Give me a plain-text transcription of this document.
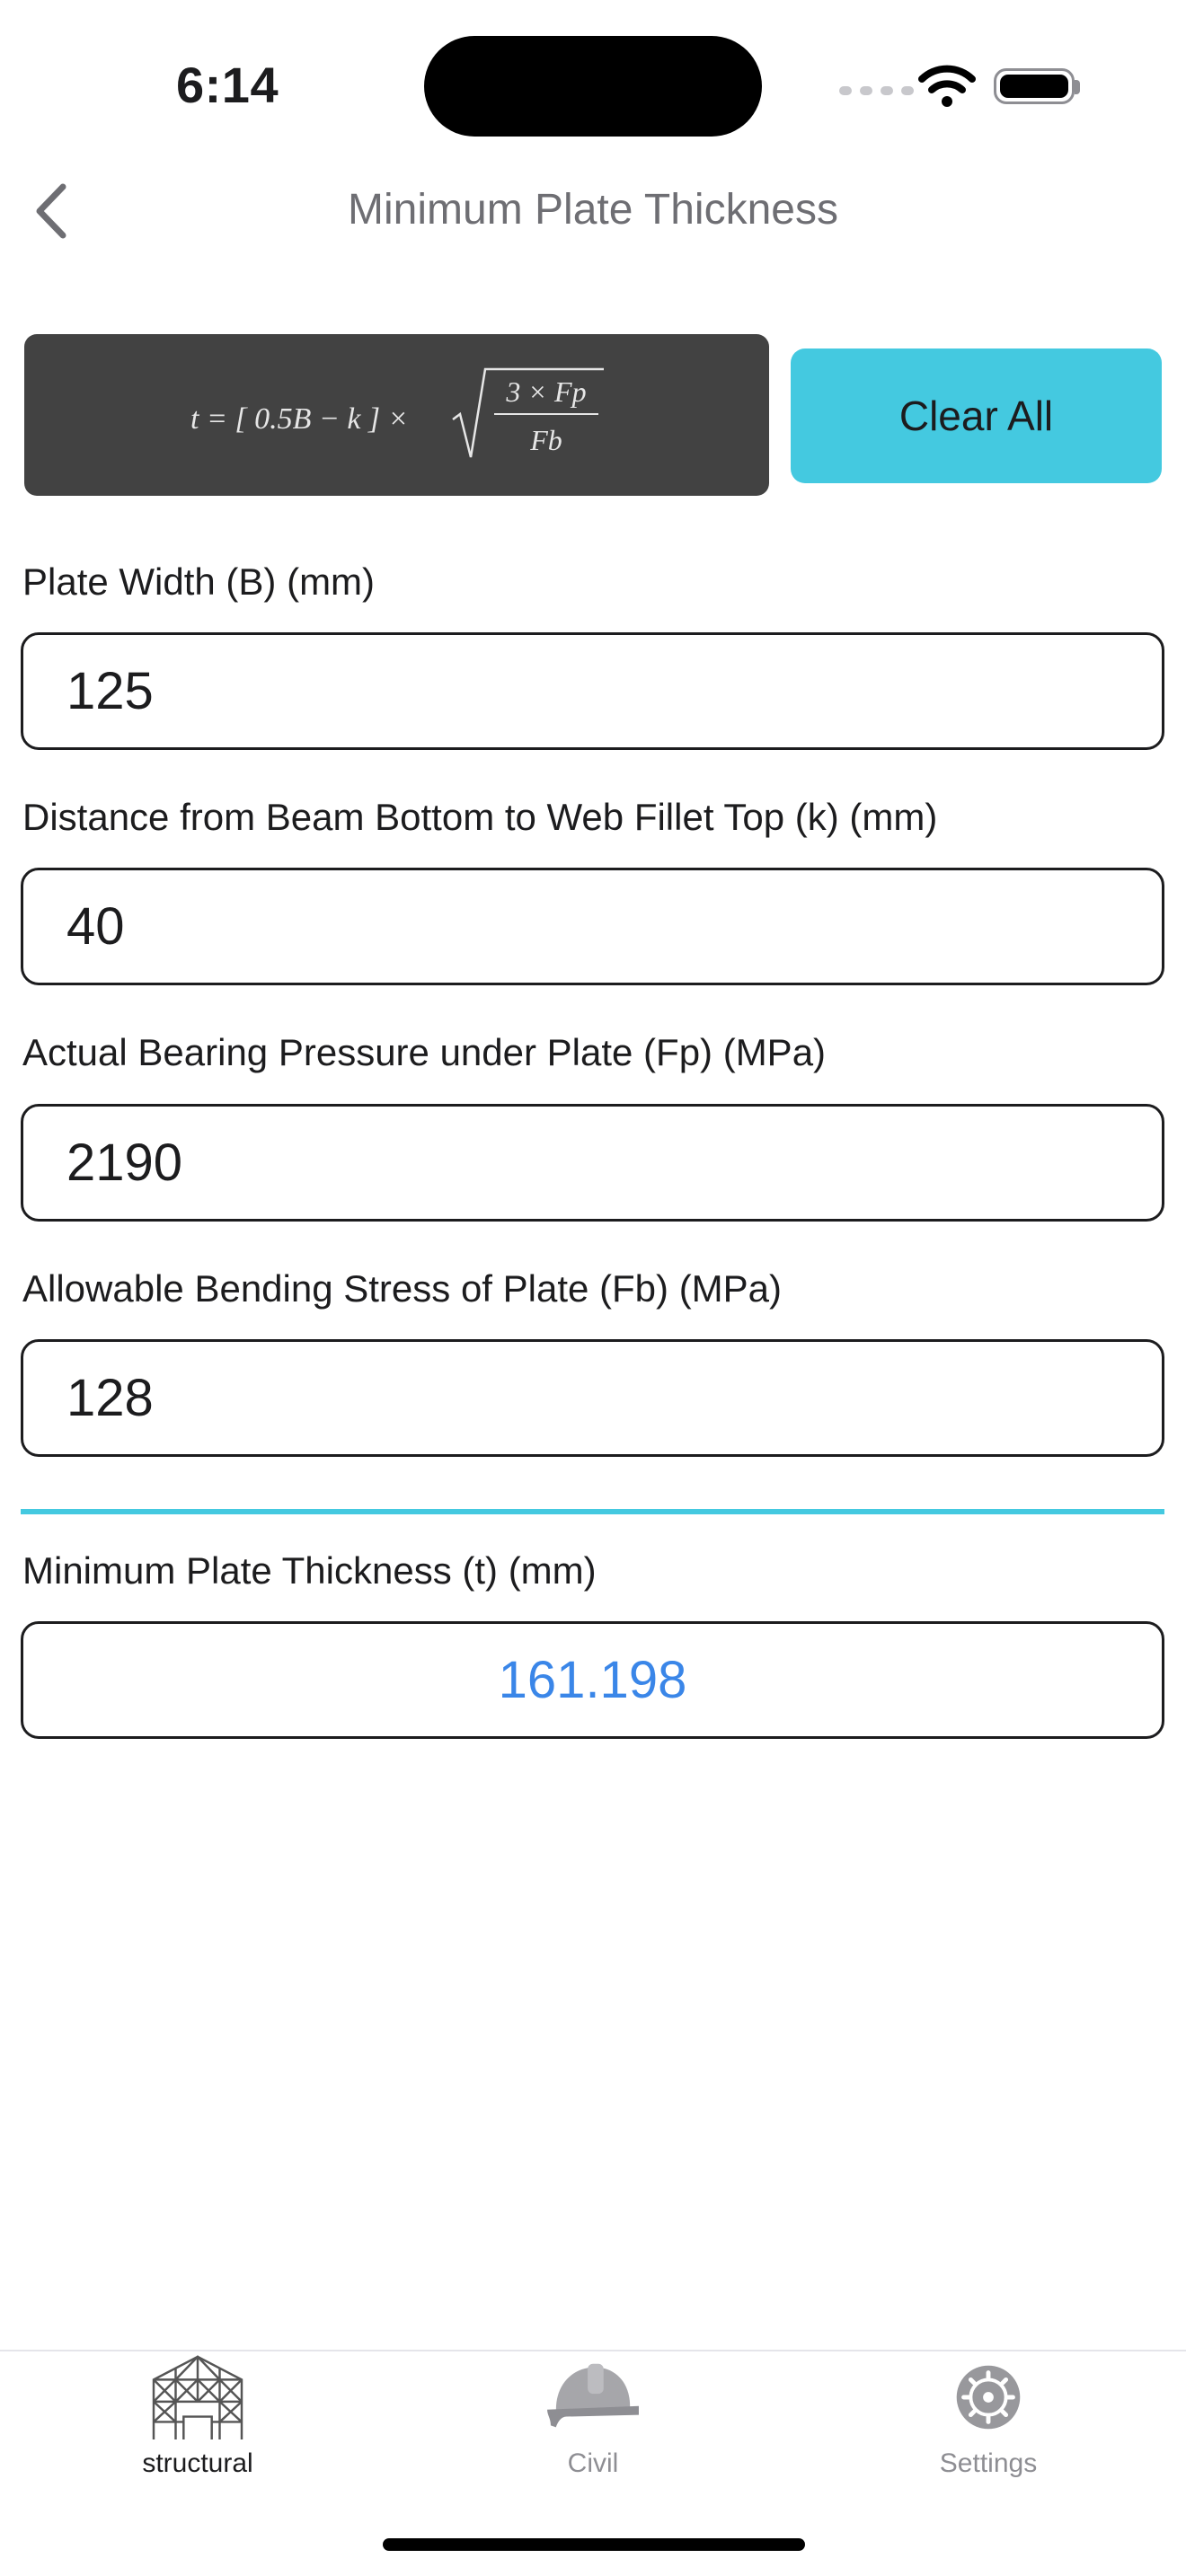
6:14
Minimum Plate Thickness
t = [ 0.5B − k ] ×
3 × Fp
Fb
Clear All
Plate Width (B) (mm)
125
Distance from Beam Bottom to Web Fillet Top (k) (mm)
40
Actual Bearing Pressure under Plate (Fp) (MPa)
2190
Allowable Bending Stress of Plate (Fb) (MPa)
128
Minimum Plate Thickness (t) (mm)
161.198
structural	Civil	Settings
